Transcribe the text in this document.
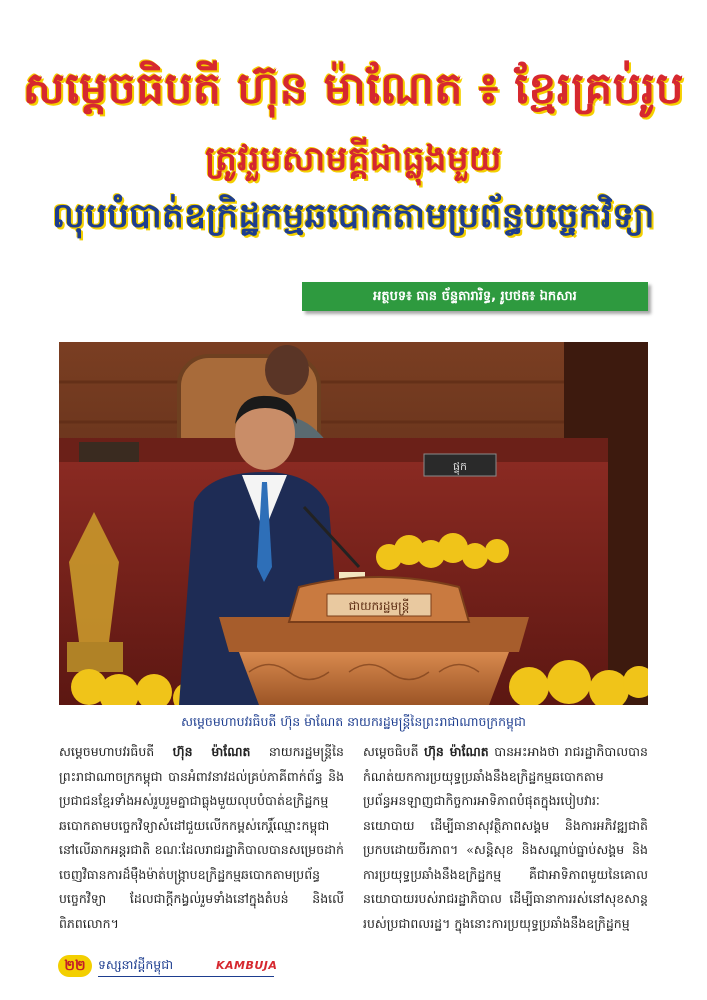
សម្តេចធិបតី ហ៊ុន ម៉ាណែត ៖ ខ្មែរគ្រប់រូប
ត្រូវរួមសាមគ្គីជាធ្លុងមួយ
លុបបំបាត់ឧក្រិដ្ឋកម្មឆបោកតាមប្រព័ន្ធបច្ចេកវិទ្យា
អត្ថបទ៖ ធាន ច័ន្ទតារារិទ្ធ, រូបថត៖ ឯកសារ
ផ្ទុក
ជាយករដ្ឋមន្ត្រី
សម្តេចមហាបវរធិបតី ហ៊ុន ម៉ាណែត នាយករដ្ឋមន្ត្រីនៃព្រះរាជាណាចក្រកម្ពុជា
សម្តេចមហាបវរធិបតី ហ៊ុន ម៉ាណែត នាយករដ្ឋមន្ត្រីនៃព្រះរាជាណាចក្រកម្ពុជា បានអំពាវនាវដល់គ្រប់ភាគីពាក់ព័ន្ធ និងប្រជាជនខ្មែរទាំងអស់រួបរួមគ្នាជាធ្លុងមួយលុបបំបាត់ឧក្រិដ្ឋកម្មឆបោកតាមបច្ចេកវិទ្យាសំដៅជួយលើកកម្ពស់កេរ្តិ៍ឈ្មោះកម្ពុជា នៅលើឆាកអន្តរជាតិ ខណៈដែលរាជរដ្ឋាភិបាលបានសម្រេចដាក់ចេញវិធានការដ៏ម៉ឺងម៉ាត់បង្ក្រាបឧក្រិដ្ឋកម្មឆបោកតាមប្រព័ន្ធបច្ចេកវិទ្យា ដែលជាក្តីកង្វល់រួមទាំងនៅក្នុងតំបន់ និងលើពិភពលោក។
សម្តេចធិបតី ហ៊ុន ម៉ាណែត បានអះអាងថា រាជរដ្ឋាភិបាលបានកំណត់យកការប្រយុទ្ធប្រឆាំងនឹងឧក្រិដ្ឋកម្មឆបោកតាមប្រព័ន្ធអនឡាញជាកិច្ចការអាទិភាពបំផុតក្នុងរបៀបវារៈនយោបាយ ដើម្បីធានាសុវត្ថិភាពសង្គម និងការអភិវឌ្ឍជាតិប្រកបដោយចីរភាព។ «សន្តិសុខ និងសណ្តាប់ធ្នាប់សង្គម និងការប្រយុទ្ធប្រឆាំងនឹងឧក្រិដ្ឋកម្ម គឺជាអាទិភាពមួយនៃគោលនយោបាយរបស់រាជរដ្ឋាភិបាល ដើម្បីធានាការរស់នៅសុខសាន្តរបស់ប្រជាពលរដ្ឋ។ ក្នុងនោះការប្រយុទ្ធប្រឆាំងនឹងឧក្រិដ្ឋកម្ម
២២ ទស្សនាវដ្តីកម្ពុជា	KAMBUJA
